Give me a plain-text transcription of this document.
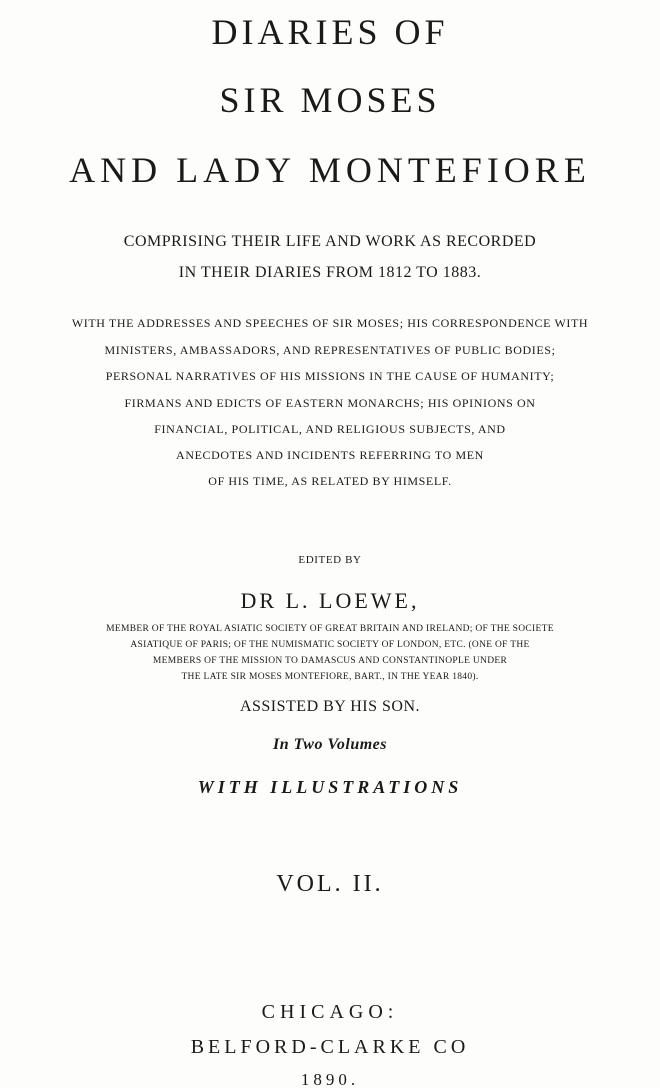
DIARIES OF
SIR MOSES
AND LADY MONTEFIORE
COMPRISING THEIR LIFE AND WORK AS RECORDED
IN THEIR DIARIES FROM 1812 TO 1883.
WITH THE ADDRESSES AND SPEECHES OF SIR MOSES; HIS CORRESPONDENCE WITH
MINISTERS, AMBASSADORS, AND REPRESENTATIVES OF PUBLIC BODIES;
PERSONAL NARRATIVES OF HIS MISSIONS IN THE CAUSE OF HUMANITY;
FIRMANS AND EDICTS OF EASTERN MONARCHS; HIS OPINIONS ON
FINANCIAL, POLITICAL, AND RELIGIOUS SUBJECTS, AND
ANECDOTES AND INCIDENTS REFERRING TO MEN
OF HIS TIME, AS RELATED BY HIMSELF.
EDITED BY
DR L. LOEWE,
MEMBER OF THE ROYAL ASIATIC SOCIETY OF GREAT BRITAIN AND IRELAND; OF THE SOCIETE
ASIATIQUE OF PARIS; OF THE NUMISMATIC SOCIETY OF LONDON, ETC. (ONE OF THE
MEMBERS OF THE MISSION TO DAMASCUS AND CONSTANTINOPLE UNDER
THE LATE SIR MOSES MONTEFIORE, BART., IN THE YEAR 1840).
ASSISTED BY HIS SON.
In Two Volumes
WITH ILLUSTRATIONS
VOL. II.
CHICAGO:
BELFORD-CLARKE CO
1890.
